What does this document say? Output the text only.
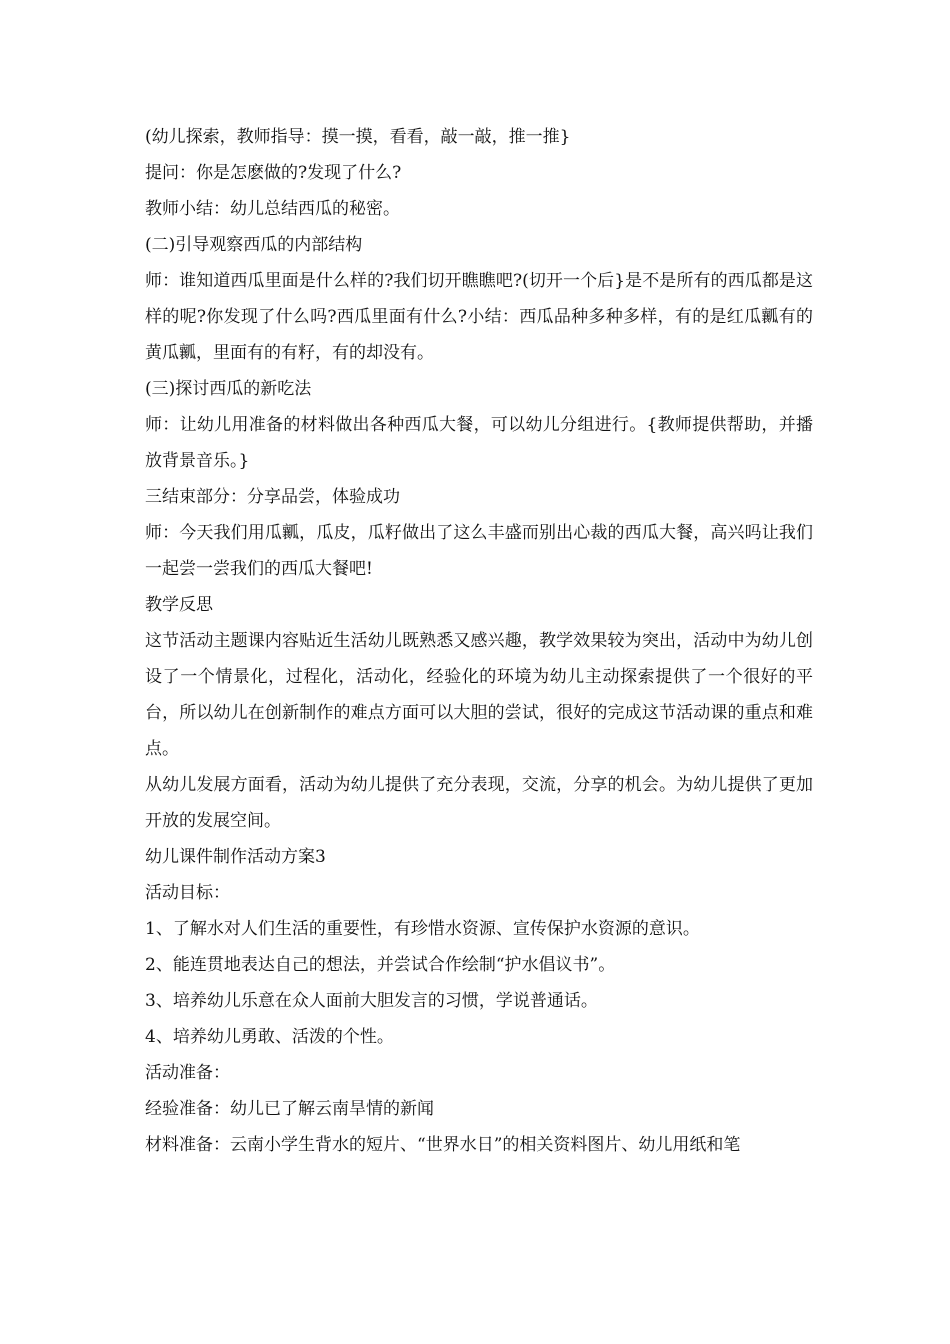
(幼儿探索，教师指导：摸一摸，看看，敲一敲，推一推}

提问：你是怎麽做的?发现了什么?

教师小结：幼儿总结西瓜的秘密。

(二)引导观察西瓜的内部结构

师：谁知道西瓜里面是什么样的?我们切开瞧瞧吧?(切开一个后}是不是所有的西瓜都是这样的呢?你发现了什么吗?西瓜里面有什么?小结：西瓜品种多种多样，有的是红瓜瓤有的黄瓜瓤，里面有的有籽，有的却没有。

(三)探讨西瓜的新吃法

师：让幼儿用准备的材料做出各种西瓜大餐，可以幼儿分组进行。{教师提供帮助，并播放背景音乐。}

三结束部分：分享品尝，体验成功

师：今天我们用瓜瓤，瓜皮，瓜籽做出了这么丰盛而别出心裁的西瓜大餐，高兴吗让我们一起尝一尝我们的西瓜大餐吧!

教学反思

这节活动主题课内容贴近生活幼儿既熟悉又感兴趣，教学效果较为突出，活动中为幼儿创设了一个情景化，过程化，活动化，经验化的环境为幼儿主动探索提供了一个很好的平台，所以幼儿在创新制作的难点方面可以大胆的尝试，很好的完成这节活动课的重点和难点。

从幼儿发展方面看，活动为幼儿提供了充分表现，交流，分享的机会。为幼儿提供了更加开放的发展空间。

幼儿课件制作活动方案3

活动目标：

1、了解水对人们生活的重要性，有珍惜水资源、宣传保护水资源的意识。

2、能连贯地表达自己的想法，并尝试合作绘制“护水倡议书”。

3、培养幼儿乐意在众人面前大胆发言的习惯，学说普通话。

4、培养幼儿勇敢、活泼的个性。

活动准备：

经验准备：幼儿已了解云南旱情的新闻

材料准备：云南小学生背水的短片、“世界水日”的相关资料图片、幼儿用纸和笔
